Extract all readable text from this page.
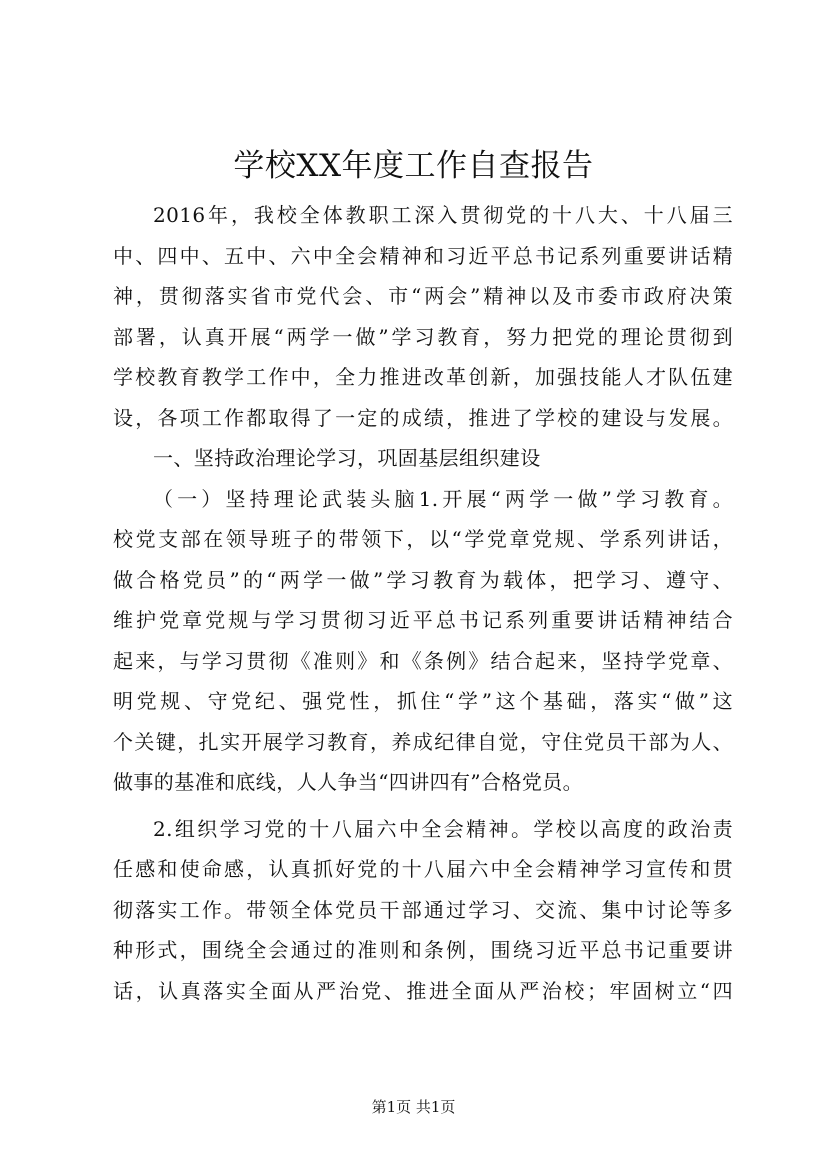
学校XX年度工作自查报告
2016年，我校全体教职工深入贯彻党的十八大、十八届三
中、四中、五中、六中全会精神和习近平总书记系列重要讲话精
神，贯彻落实省市党代会、市“两会”精神以及市委市政府决策
部署，认真开展“两学一做”学习教育，努力把党的理论贯彻到
学校教育教学工作中，全力推进改革创新，加强技能人才队伍建
设，各项工作都取得了一定的成绩，推进了学校的建设与发展。
一、坚持政治理论学习，巩固基层组织建设
（一）坚持理论武装头脑1.开展“两学一做”学习教育。
校党支部在领导班子的带领下，以“学党章党规、学系列讲话，
做合格党员”的“两学一做”学习教育为载体，把学习、遵守、
维护党章党规与学习贯彻习近平总书记系列重要讲话精神结合
起来，与学习贯彻《准则》和《条例》结合起来，坚持学党章、
明党规、守党纪、强党性，抓住“学”这个基础，落实“做”这
个关键，扎实开展学习教育，养成纪律自觉，守住党员干部为人、
做事的基准和底线，人人争当“四讲四有”合格党员。
2.组织学习党的十八届六中全会精神。学校以高度的政治责
任感和使命感，认真抓好党的十八届六中全会精神学习宣传和贯
彻落实工作。带领全体党员干部通过学习、交流、集中讨论等多
种形式，围绕全会通过的准则和条例，围绕习近平总书记重要讲
话，认真落实全面从严治党、推进全面从严治校；牢固树立“四
第1页 共1页
